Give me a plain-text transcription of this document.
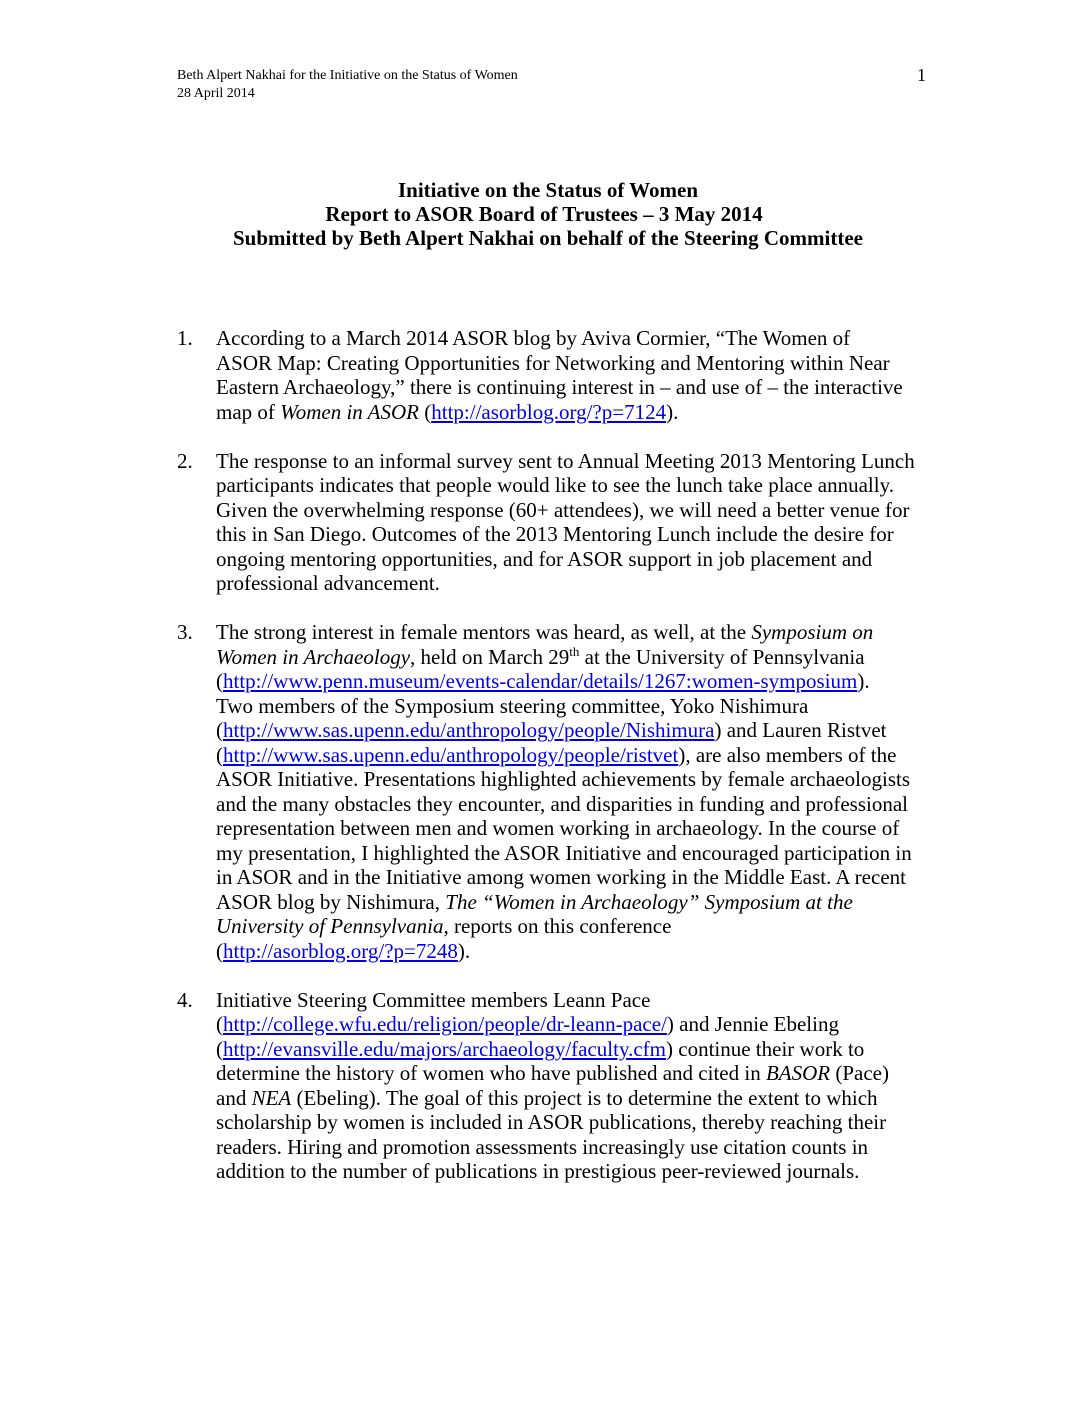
Beth Alpert Nakhai for the Initiative on the Status of Women
28 April 2014
1
Initiative on the Status of Women
Report to ASOR Board of Trustees – 3 May 2014
Submitted by Beth Alpert Nakhai on behalf of the Steering Committee
1. According to a March 2014 ASOR blog by Aviva Cormier, “The Women of
ASOR Map: Creating Opportunities for Networking and Mentoring within Near
Eastern Archaeology,” there is continuing interest in – and use of – the interactive
map of Women in ASOR (http://asorblog.org/?p=7124).
2. The response to an informal survey sent to Annual Meeting 2013 Mentoring Lunch
participants indicates that people would like to see the lunch take place annually.
Given the overwhelming response (60+ attendees), we will need a better venue for
this in San Diego. Outcomes of the 2013 Mentoring Lunch include the desire for
ongoing mentoring opportunities, and for ASOR support in job placement and
professional advancement.
3. The strong interest in female mentors was heard, as well, at the Symposium on
Women in Archaeology, held on March 29th at the University of Pennsylvania
(http://www.penn.museum/events-calendar/details/1267:women-symposium).
Two members of the Symposium steering committee, Yoko Nishimura
(http://www.sas.upenn.edu/anthropology/people/Nishimura) and Lauren Ristvet
(http://www.sas.upenn.edu/anthropology/people/ristvet), are also members of the
ASOR Initiative. Presentations highlighted achievements by female archaeologists
and the many obstacles they encounter, and disparities in funding and professional
representation between men and women working in archaeology. In the course of
my presentation, I highlighted the ASOR Initiative and encouraged participation in
in ASOR and in the Initiative among women working in the Middle East. A recent
ASOR blog by Nishimura, The “Women in Archaeology” Symposium at the
University of Pennsylvania, reports on this conference
(http://asorblog.org/?p=7248).
4. Initiative Steering Committee members Leann Pace
(http://college.wfu.edu/religion/people/dr-leann-pace/) and Jennie Ebeling
(http://evansville.edu/majors/archaeology/faculty.cfm) continue their work to
determine the history of women who have published and cited in BASOR (Pace)
and NEA (Ebeling). The goal of this project is to determine the extent to which
scholarship by women is included in ASOR publications, thereby reaching their
readers. Hiring and promotion assessments increasingly use citation counts in
addition to the number of publications in prestigious peer-reviewed journals.
